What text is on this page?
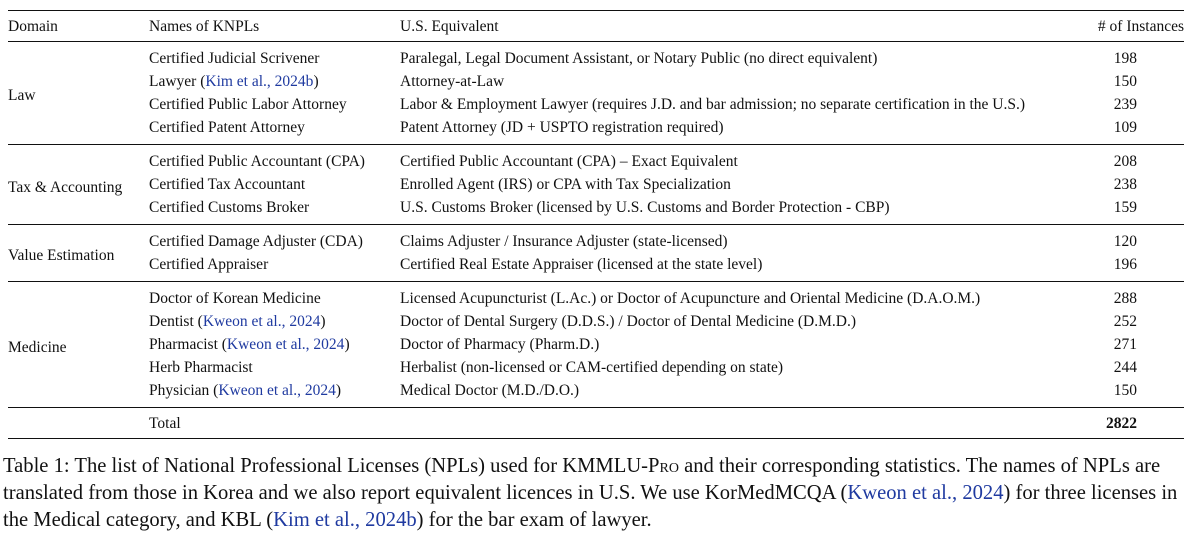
Domain	Names of KNPLs	U.S. Equivalent	# of Instances
Law	Certified Judicial Scrivener	Paralegal, Legal Document Assistant, or Notary Public (no direct equivalent)	198
	Lawyer (Kim et al., 2024b)	Attorney-at-Law	150
	Certified Public Labor Attorney	Labor & Employment Lawyer (requires J.D. and bar admission; no separate certification in the U.S.)	239
	Certified Patent Attorney	Patent Attorney (JD + USPTO registration required)	109
Tax & Accounting	Certified Public Accountant (CPA)	Certified Public Accountant (CPA) – Exact Equivalent	208
	Certified Tax Accountant	Enrolled Agent (IRS) or CPA with Tax Specialization	238
	Certified Customs Broker	U.S. Customs Broker (licensed by U.S. Customs and Border Protection - CBP)	159
Value Estimation	Certified Damage Adjuster (CDA)	Claims Adjuster / Insurance Adjuster (state-licensed)	120
	Certified Appraiser	Certified Real Estate Appraiser (licensed at the state level)	196
Medicine	Doctor of Korean Medicine	Licensed Acupuncturist (L.Ac.) or Doctor of Acupuncture and Oriental Medicine (D.A.O.M.)	288
	Dentist (Kweon et al., 2024)	Doctor of Dental Surgery (D.D.S.) / Doctor of Dental Medicine (D.M.D.)	252
	Pharmacist (Kweon et al., 2024)	Doctor of Pharmacy (Pharm.D.)	271
	Herb Pharmacist	Herbalist (non-licensed or CAM-certified depending on state)	244
	Physician (Kweon et al., 2024)	Medical Doctor (M.D./D.O.)	150
	Total		2822
Table 1: The list of National Professional Licenses (NPLs) used for KMMLU-Pro and their corresponding statistics. The names of NPLs are translated from those in Korea and we also report equivalent licences in U.S. We use KorMedMCQA (Kweon et al., 2024) for three licenses in the Medical category, and KBL (Kim et al., 2024b) for the bar exam of lawyer.
